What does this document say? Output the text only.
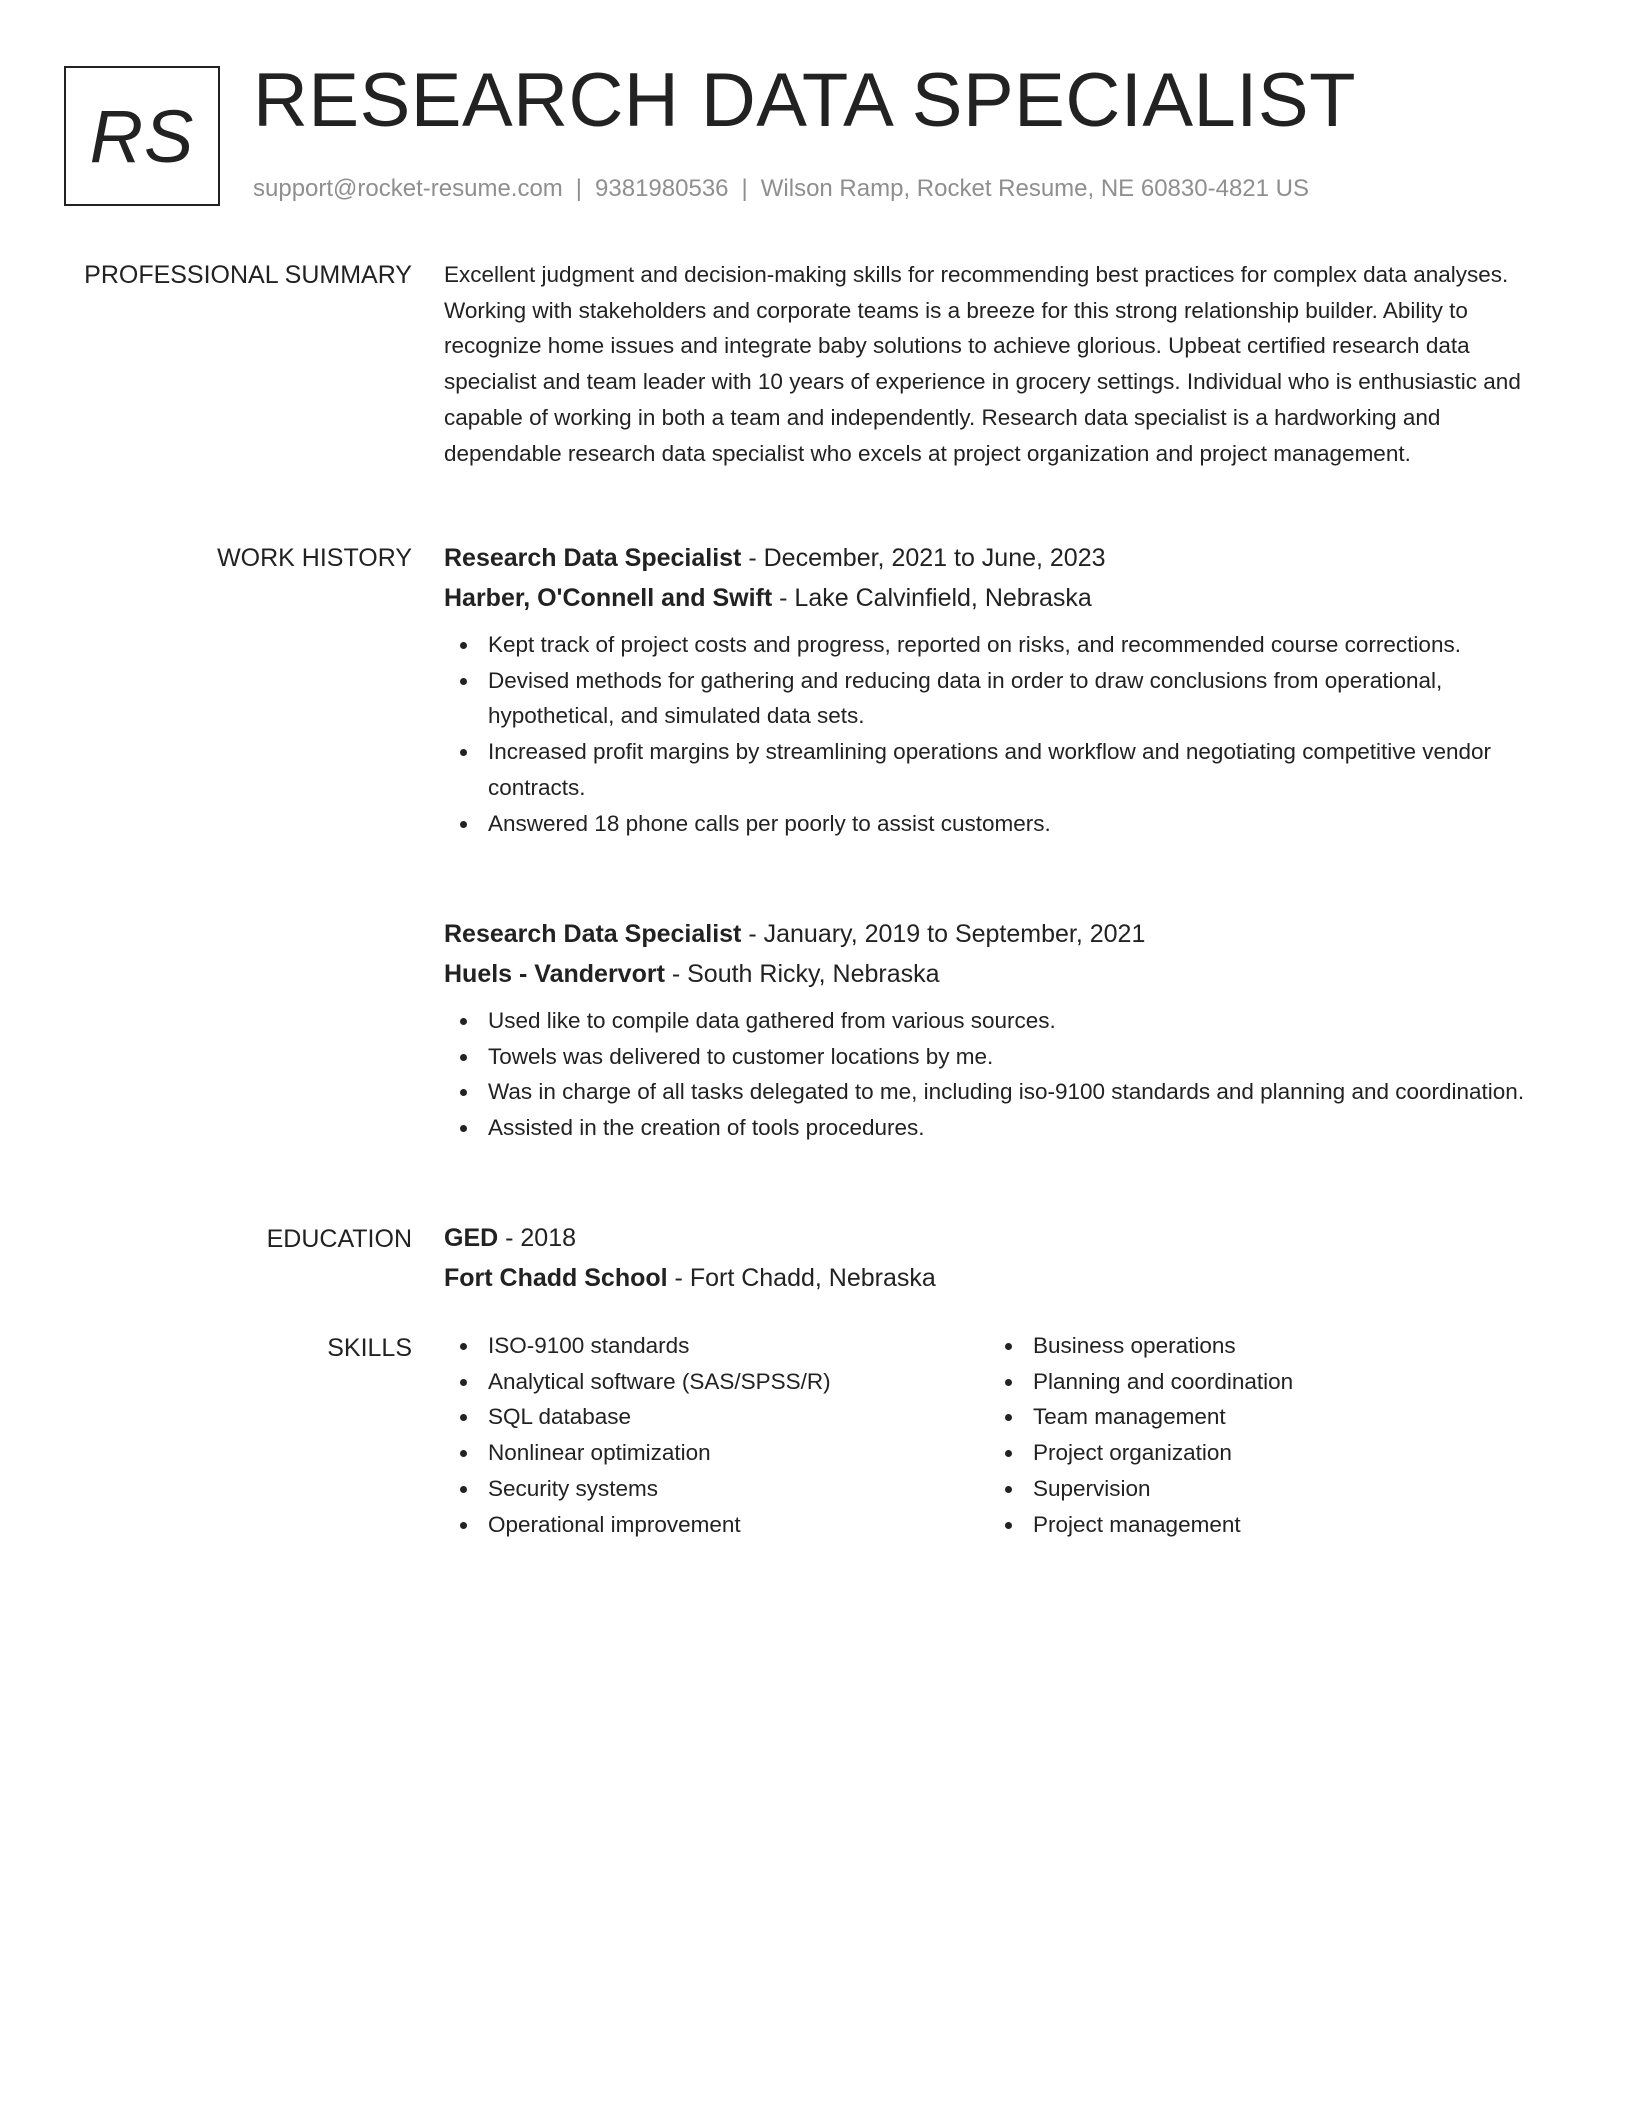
RS RESEARCH DATA SPECIALIST
support@rocket-resume.com | 9381980536 | Wilson Ramp, Rocket Resume, NE 60830-4821 US
PROFESSIONAL SUMMARY Excellent judgment and decision-making skills for recommending best practices for complex data analyses. Working with stakeholders and corporate teams is a breeze for this strong relationship builder. Ability to recognize home issues and integrate baby solutions to achieve glorious. Upbeat certified research data specialist and team leader with 10 years of experience in grocery settings. Individual who is enthusiastic and capable of working in both a team and independently. Research data specialist is a hardworking and dependable research data specialist who excels at project organization and project management.

WORK HISTORY Research Data Specialist - December, 2021 to June, 2023
Harber, O'Connell and Swift - Lake Calvinfield, Nebraska
Kept track of project costs and progress, reported on risks, and recommended course corrections.
Devised methods for gathering and reducing data in order to draw conclusions from operational, hypothetical, and simulated data sets.
Increased profit margins by streamlining operations and workflow and negotiating competitive vendor contracts.
Answered 18 phone calls per poorly to assist customers.
Research Data Specialist - January, 2019 to September, 2021
Huels - Vandervort - South Ricky, Nebraska
Used like to compile data gathered from various sources.
Towels was delivered to customer locations by me.
Was in charge of all tasks delegated to me, including iso-9100 standards and planning and coordination.
Assisted in the creation of tools procedures.
EDUCATION GED - 2018
Fort Chadd School - Fort Chadd, Nebraska
SKILLS	ISO-9100 standards
Analytical software (SAS/SPSS/R)
SQL database
Nonlinear optimization
Security systems
Operational improvement
Business operations
Planning and coordination
Team management
Project organization
Supervision
Project management
